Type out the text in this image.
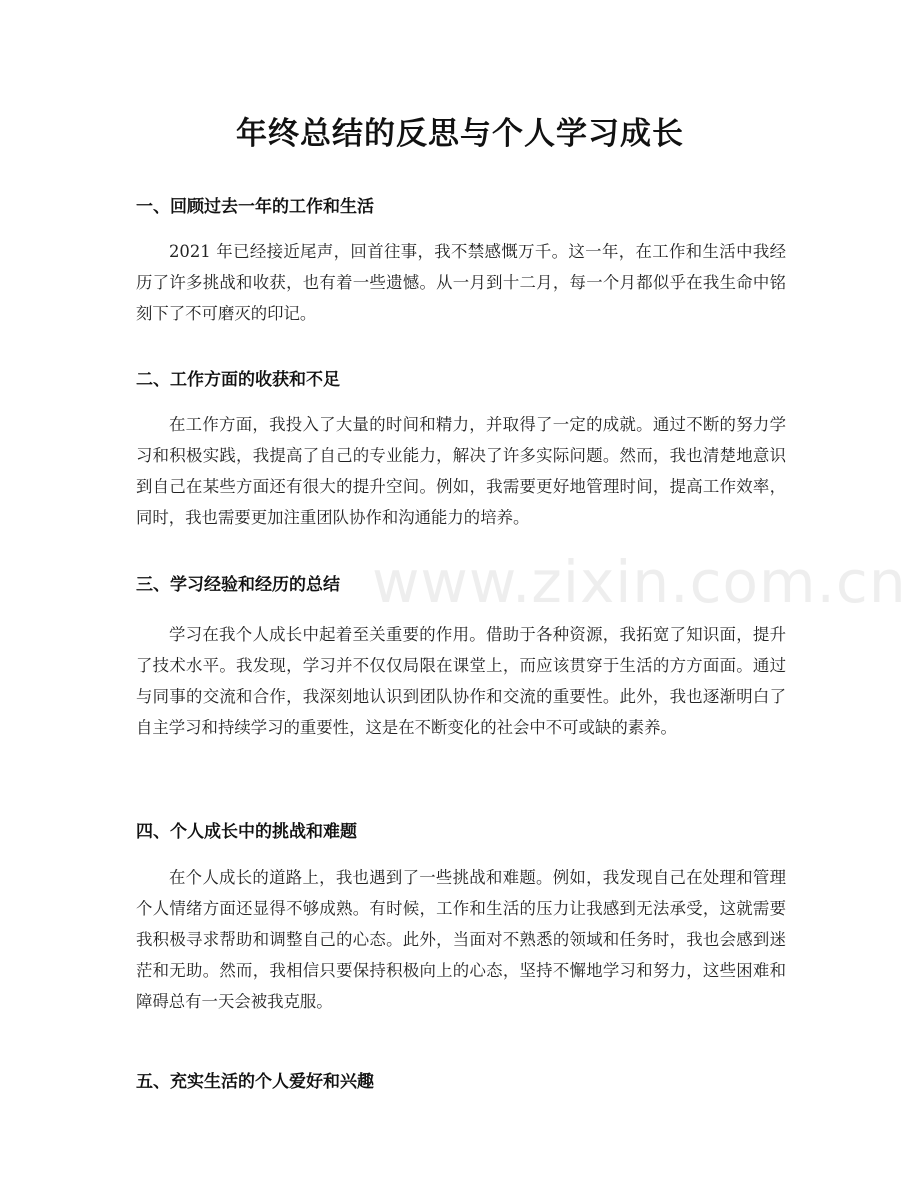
www.zixin.com.cn
年终总结的反思与个人学习成长
一、回顾过去一年的工作和生活

2021 年已经接近尾声，回首往事，我不禁感慨万千。这一年，在工作和生活中我经历了许多挑战和收获，也有着一些遗憾。从一月到十二月，每一个月都似乎在我生命中铭刻下了不可磨灭的印记。

二、工作方面的收获和不足

在工作方面，我投入了大量的时间和精力，并取得了一定的成就。通过不断的努力学习和积极实践，我提高了自己的专业能力，解决了许多实际问题。然而，我也清楚地意识到自己在某些方面还有很大的提升空间。例如，我需要更好地管理时间，提高工作效率，同时，我也需要更加注重团队协作和沟通能力的培养。

三、学习经验和经历的总结

学习在我个人成长中起着至关重要的作用。借助于各种资源，我拓宽了知识面，提升了技术水平。我发现，学习并不仅仅局限在课堂上，而应该贯穿于生活的方方面面。通过与同事的交流和合作，我深刻地认识到团队协作和交流的重要性。此外，我也逐渐明白了自主学习和持续学习的重要性，这是在不断变化的社会中不可或缺的素养。

四、个人成长中的挑战和难题

在个人成长的道路上，我也遇到了一些挑战和难题。例如，我发现自己在处理和管理个人情绪方面还显得不够成熟。有时候，工作和生活的压力让我感到无法承受，这就需要我积极寻求帮助和调整自己的心态。此外，当面对不熟悉的领域和任务时，我也会感到迷茫和无助。然而，我相信只要保持积极向上的心态，坚持不懈地学习和努力，这些困难和障碍总有一天会被我克服。

五、充实生活的个人爱好和兴趣
